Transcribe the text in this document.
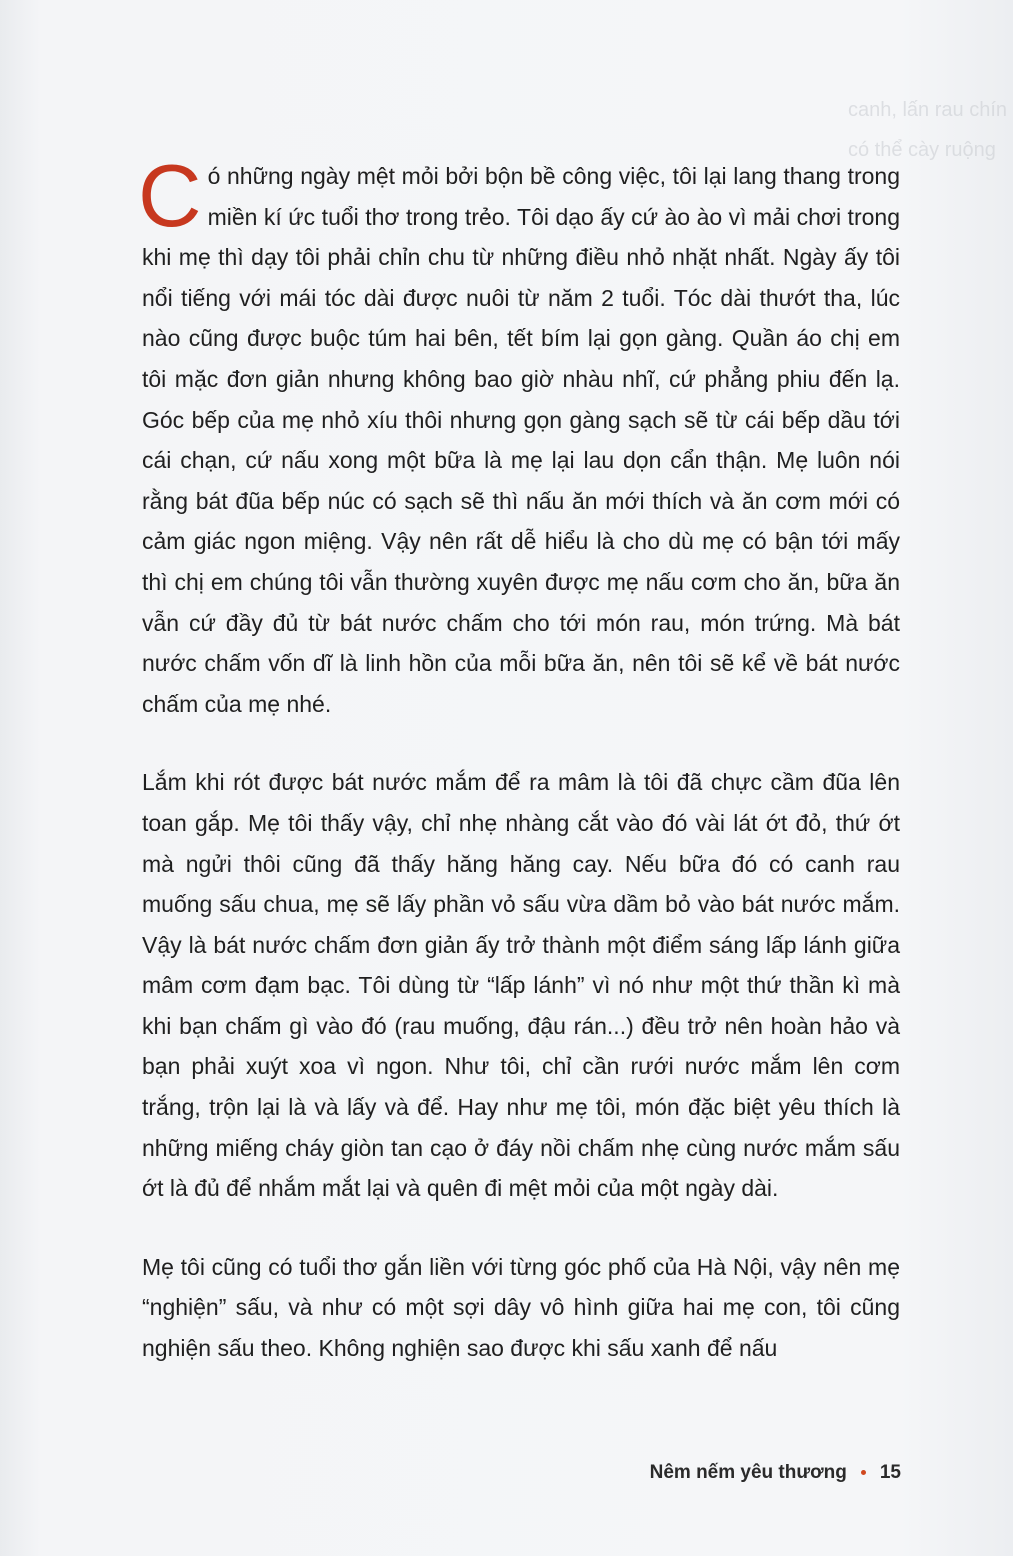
canh, lấn rau chín
có thể cày ruộng

Có những ngày mệt mỏi bởi bộn bề công việc, tôi lại lang thang trong miền kí ức tuổi thơ trong trẻo. Tôi dạo ấy cứ ào ào vì mải chơi trong khi mẹ thì dạy tôi phải chỉn chu từ những điều nhỏ nhặt nhất. Ngày ấy tôi nổi tiếng với mái tóc dài được nuôi từ năm 2 tuổi. Tóc dài thướt tha, lúc nào cũng được buộc túm hai bên, tết bím lại gọn gàng. Quần áo chị em tôi mặc đơn giản nhưng không bao giờ nhàu nhĩ, cứ phẳng phiu đến lạ. Góc bếp của mẹ nhỏ xíu thôi nhưng gọn gàng sạch sẽ từ cái bếp dầu tới cái chạn, cứ nấu xong một bữa là mẹ lại lau dọn cẩn thận. Mẹ luôn nói rằng bát đũa bếp núc có sạch sẽ thì nấu ăn mới thích và ăn cơm mới có cảm giác ngon miệng. Vậy nên rất dễ hiểu là cho dù mẹ có bận tới mấy thì chị em chúng tôi vẫn thường xuyên được mẹ nấu cơm cho ăn, bữa ăn vẫn cứ đầy đủ từ bát nước chấm cho tới món rau, món trứng. Mà bát nước chấm vốn dĩ là linh hồn của mỗi bữa ăn, nên tôi sẽ kể về bát nước chấm của mẹ nhé.

Lắm khi rót được bát nước mắm để ra mâm là tôi đã chực cầm đũa lên toan gắp. Mẹ tôi thấy vậy, chỉ nhẹ nhàng cắt vào đó vài lát ớt đỏ, thứ ớt mà ngửi thôi cũng đã thấy hăng hăng cay. Nếu bữa đó có canh rau muống sấu chua, mẹ sẽ lấy phần vỏ sấu vừa dầm bỏ vào bát nước mắm. Vậy là bát nước chấm đơn giản ấy trở thành một điểm sáng lấp lánh giữa mâm cơm đạm bạc. Tôi dùng từ “lấp lánh” vì nó như một thứ thần kì mà khi bạn chấm gì vào đó (rau muống, đậu rán...) đều trở nên hoàn hảo và bạn phải xuýt xoa vì ngon. Như tôi, chỉ cần rưới nước mắm lên cơm trắng, trộn lại là và lấy và để. Hay như mẹ tôi, món đặc biệt yêu thích là những miếng cháy giòn tan cạo ở đáy nồi chấm nhẹ cùng nước mắm sấu ớt là đủ để nhắm mắt lại và quên đi mệt mỏi của một ngày dài.

Mẹ tôi cũng có tuổi thơ gắn liền với từng góc phố của Hà Nội, vậy nên mẹ “nghiện” sấu, và như có một sợi dây vô hình giữa hai mẹ con, tôi cũng nghiện sấu theo. Không nghiện sao được khi sấu xanh để nấu

Nêm nếm yêu thương 15
